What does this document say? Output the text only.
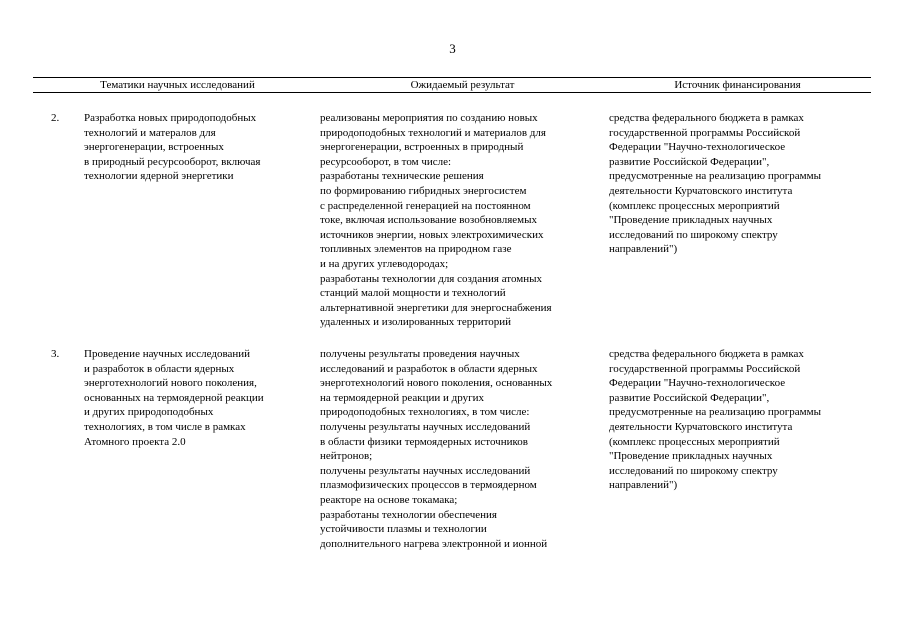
3
Тематики научных исследований	Ожидаемый результат	Источник финансирования
2. Разработка новых природоподобных
технологий и матералов для
энергогенерации, встроенных
в природный ресурсооборот, включая
технологии ядерной энергетики
реализованы мероприятия по созданию новых
природоподобных технологий и материалов для
энергогенерации, встроенных в природный
ресурсооборот, в том числе:
разработаны технические решения
по формированию гибридных энергосистем
с распределенной генерацией на постоянном
токе, включая использование возобновляемых
источников энергии, новых электрохимических
топливных элементов на природном газе
и на других углеводородах;
разработаны технологии для создания атомных
станций малой мощности и технологий
альтернативной энергетики для энергоснабжения
удаленных и изолированных территорий
средства федерального бюджета в рамках
государственной программы Российской
Федерации "Научно-технологическое
развитие Российской Федерации",
предусмотренные на реализацию программы
деятельности Курчатовского института
(комплекс процессных мероприятий
"Проведение прикладных научных
исследований по широкому спектру
направлений")
3. Проведение научных исследований
и разработок в области ядерных
энерготехнологий нового поколения,
основанных на термоядерной реакции
и других природоподобных
технологиях, в том числе в рамках
Атомного проекта 2.0
получены результаты проведения научных
исследований и разработок в области ядерных
энерготехнологий нового поколения, основанных
на термоядерной реакции и других
природоподобных технологиях, в том числе:
получены результаты научных исследований
в области физики термоядерных источников
нейтронов;
получены результаты научных исследований
плазмофизических процессов в термоядерном
реакторе на основе токамака;
разработаны технологии обеспечения
устойчивости плазмы и технологии
дополнительного нагрева электронной и ионной
средства федерального бюджета в рамках
государственной программы Российской
Федерации "Научно-технологическое
развитие Российской Федерации",
предусмотренные на реализацию программы
деятельности Курчатовского института
(комплекс процессных мероприятий
"Проведение прикладных научных
исследований по широкому спектру
направлений")
